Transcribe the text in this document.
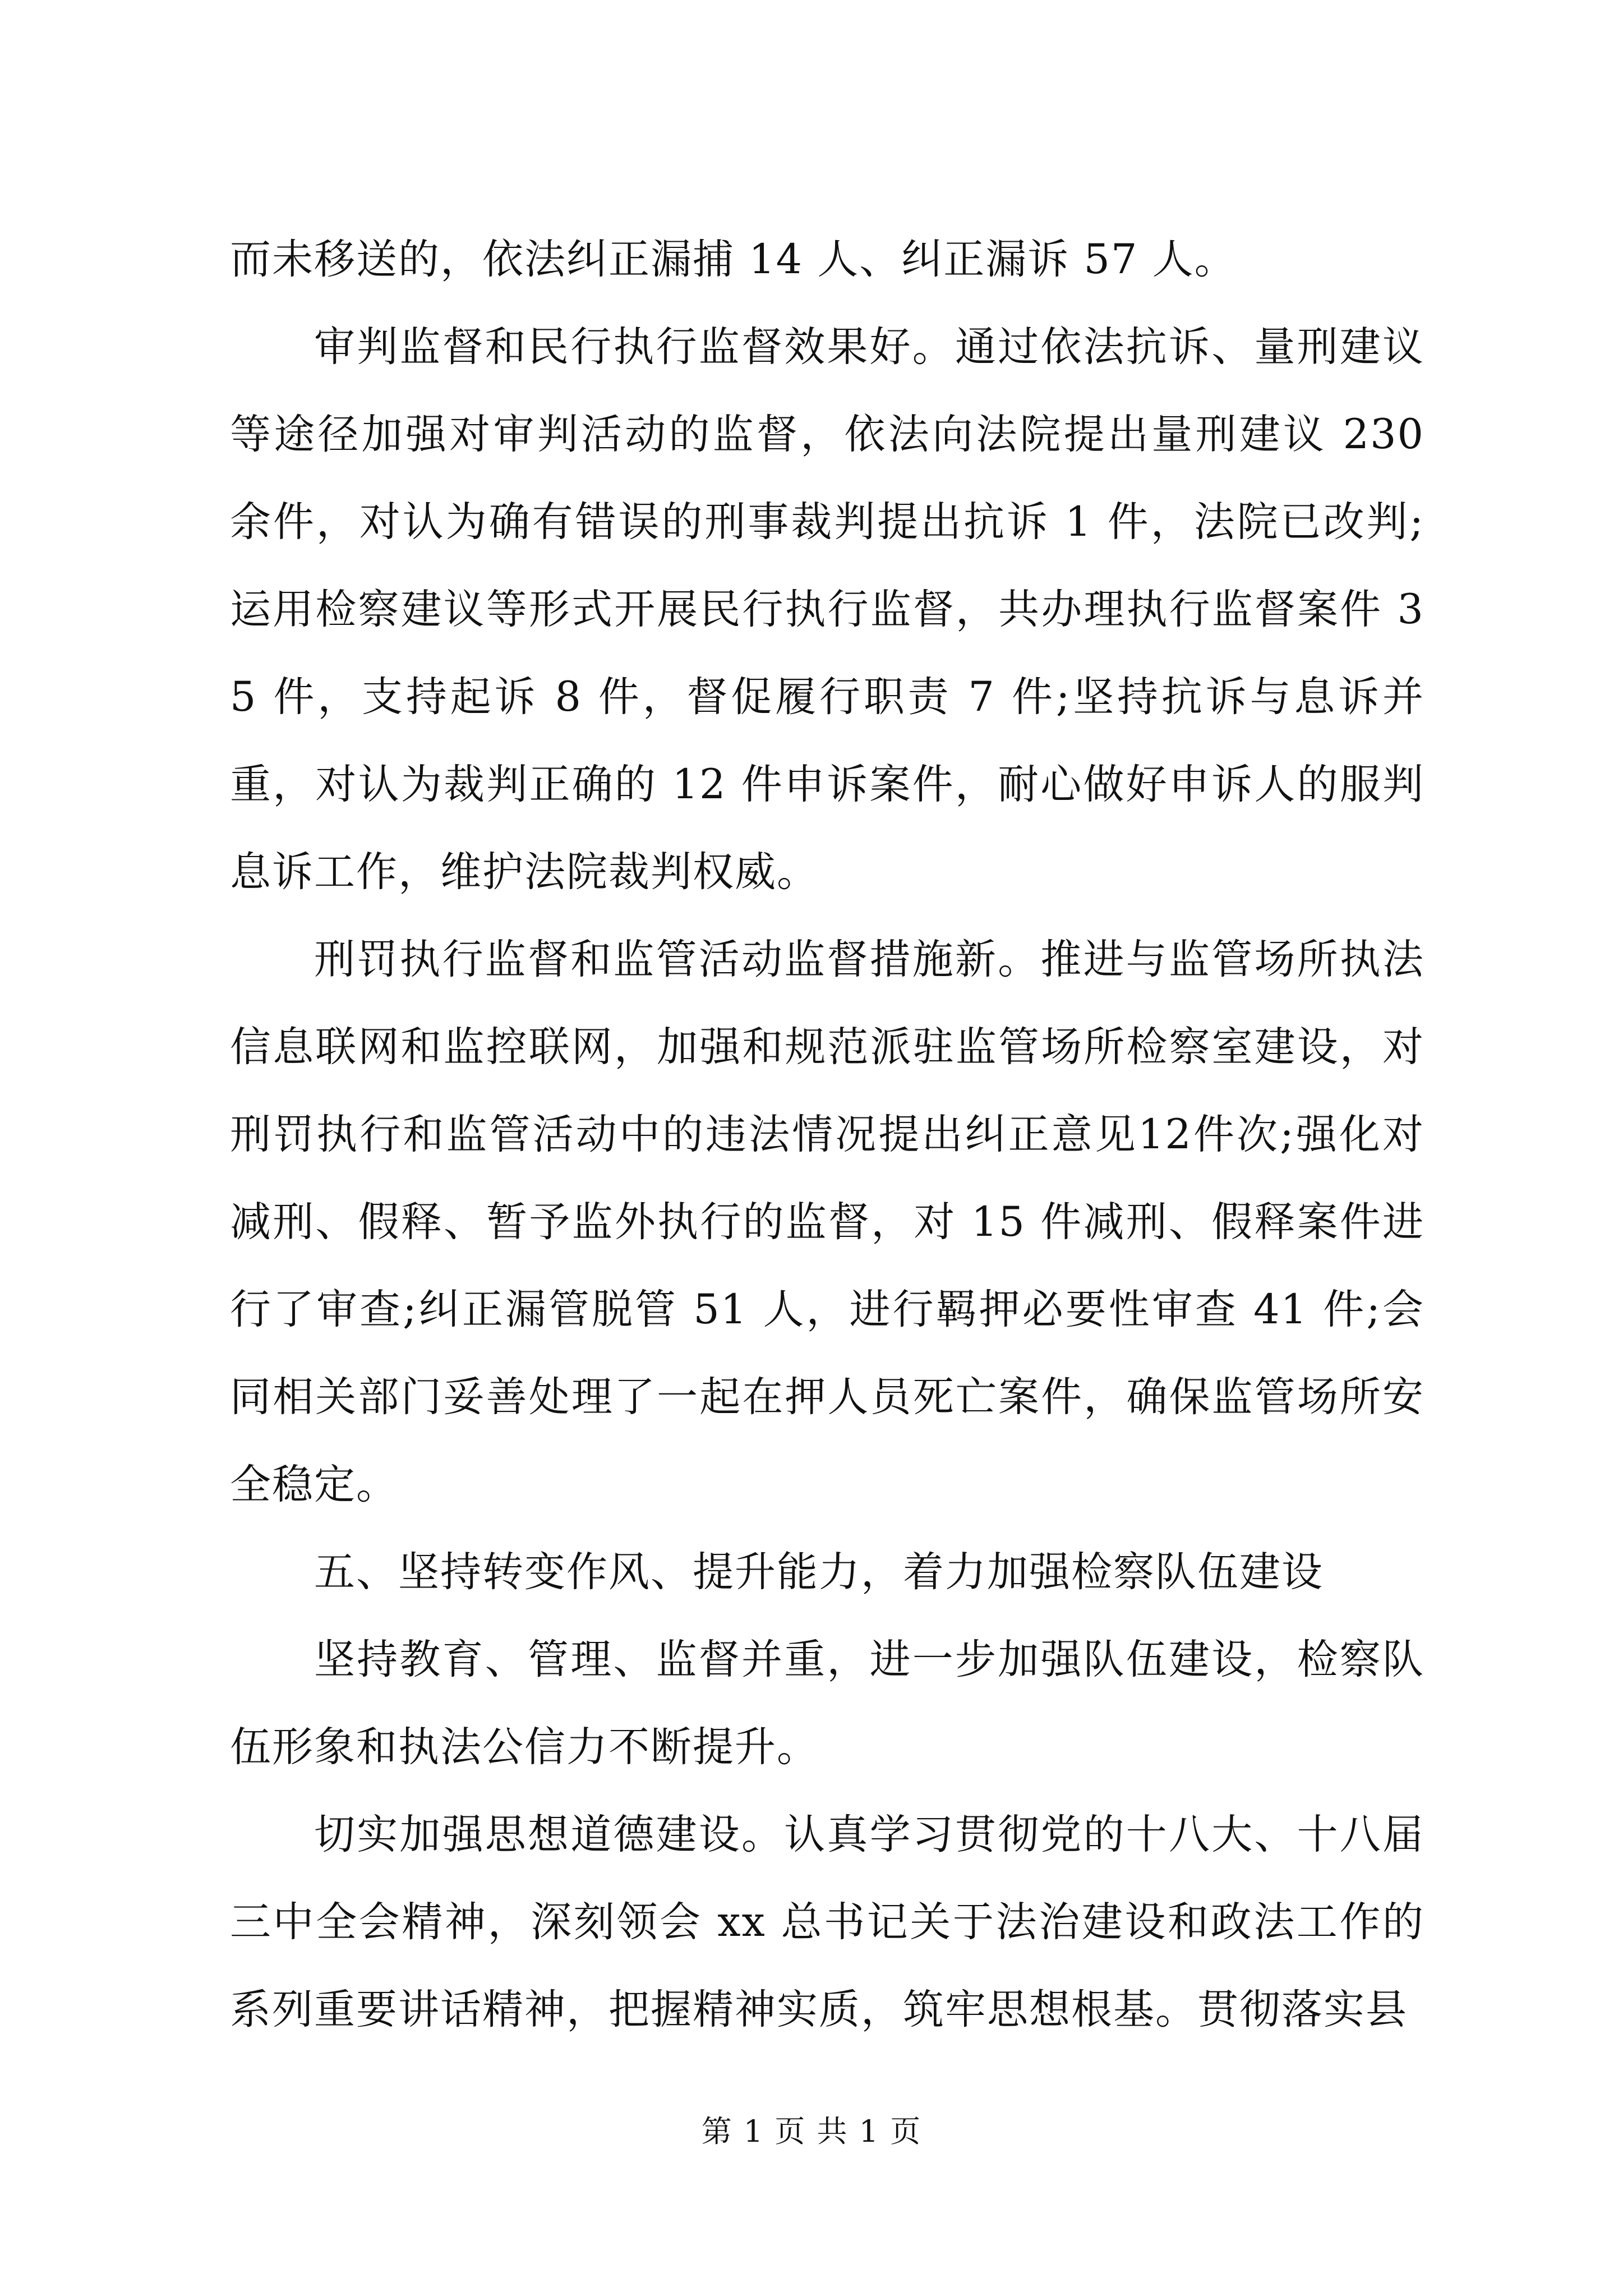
而未移送的，依法纠正漏捕 14 人、纠正漏诉 57 人。

审判监督和民行执行监督效果好。通过依法抗诉、量刑建议等途径加强对审判活动的监督，依法向法院提出量刑建议 230 余件，对认为确有错误的刑事裁判提出抗诉 1 件，法院已改判;运用检察建议等形式开展民行执行监督，共办理执行监督案件 35 件，支持起诉 8 件，督促履行职责 7 件;坚持抗诉与息诉并重，对认为裁判正确的 12 件申诉案件，耐心做好申诉人的服判息诉工作，维护法院裁判权威。

刑罚执行监督和监管活动监督措施新。推进与监管场所执法信息联网和监控联网，加强和规范派驻监管场所检察室建设，对刑罚执行和监管活动中的违法情况提出纠正意见12件次;强化对减刑、假释、暂予监外执行的监督，对 15 件减刑、假释案件进行了审查;纠正漏管脱管 51 人，进行羁押必要性审查 41 件;会同相关部门妥善处理了一起在押人员死亡案件，确保监管场所安全稳定。

五、坚持转变作风、提升能力，着力加强检察队伍建设

坚持教育、管理、监督并重，进一步加强队伍建设，检察队伍形象和执法公信力不断提升。

切实加强思想道德建设。认真学习贯彻党的十八大、十八届三中全会精神，深刻领会 xx 总书记关于法治建设和政法工作的系列重要讲话精神，把握精神实质，筑牢思想根基。贯彻落实县

第 1 页 共 1 页
